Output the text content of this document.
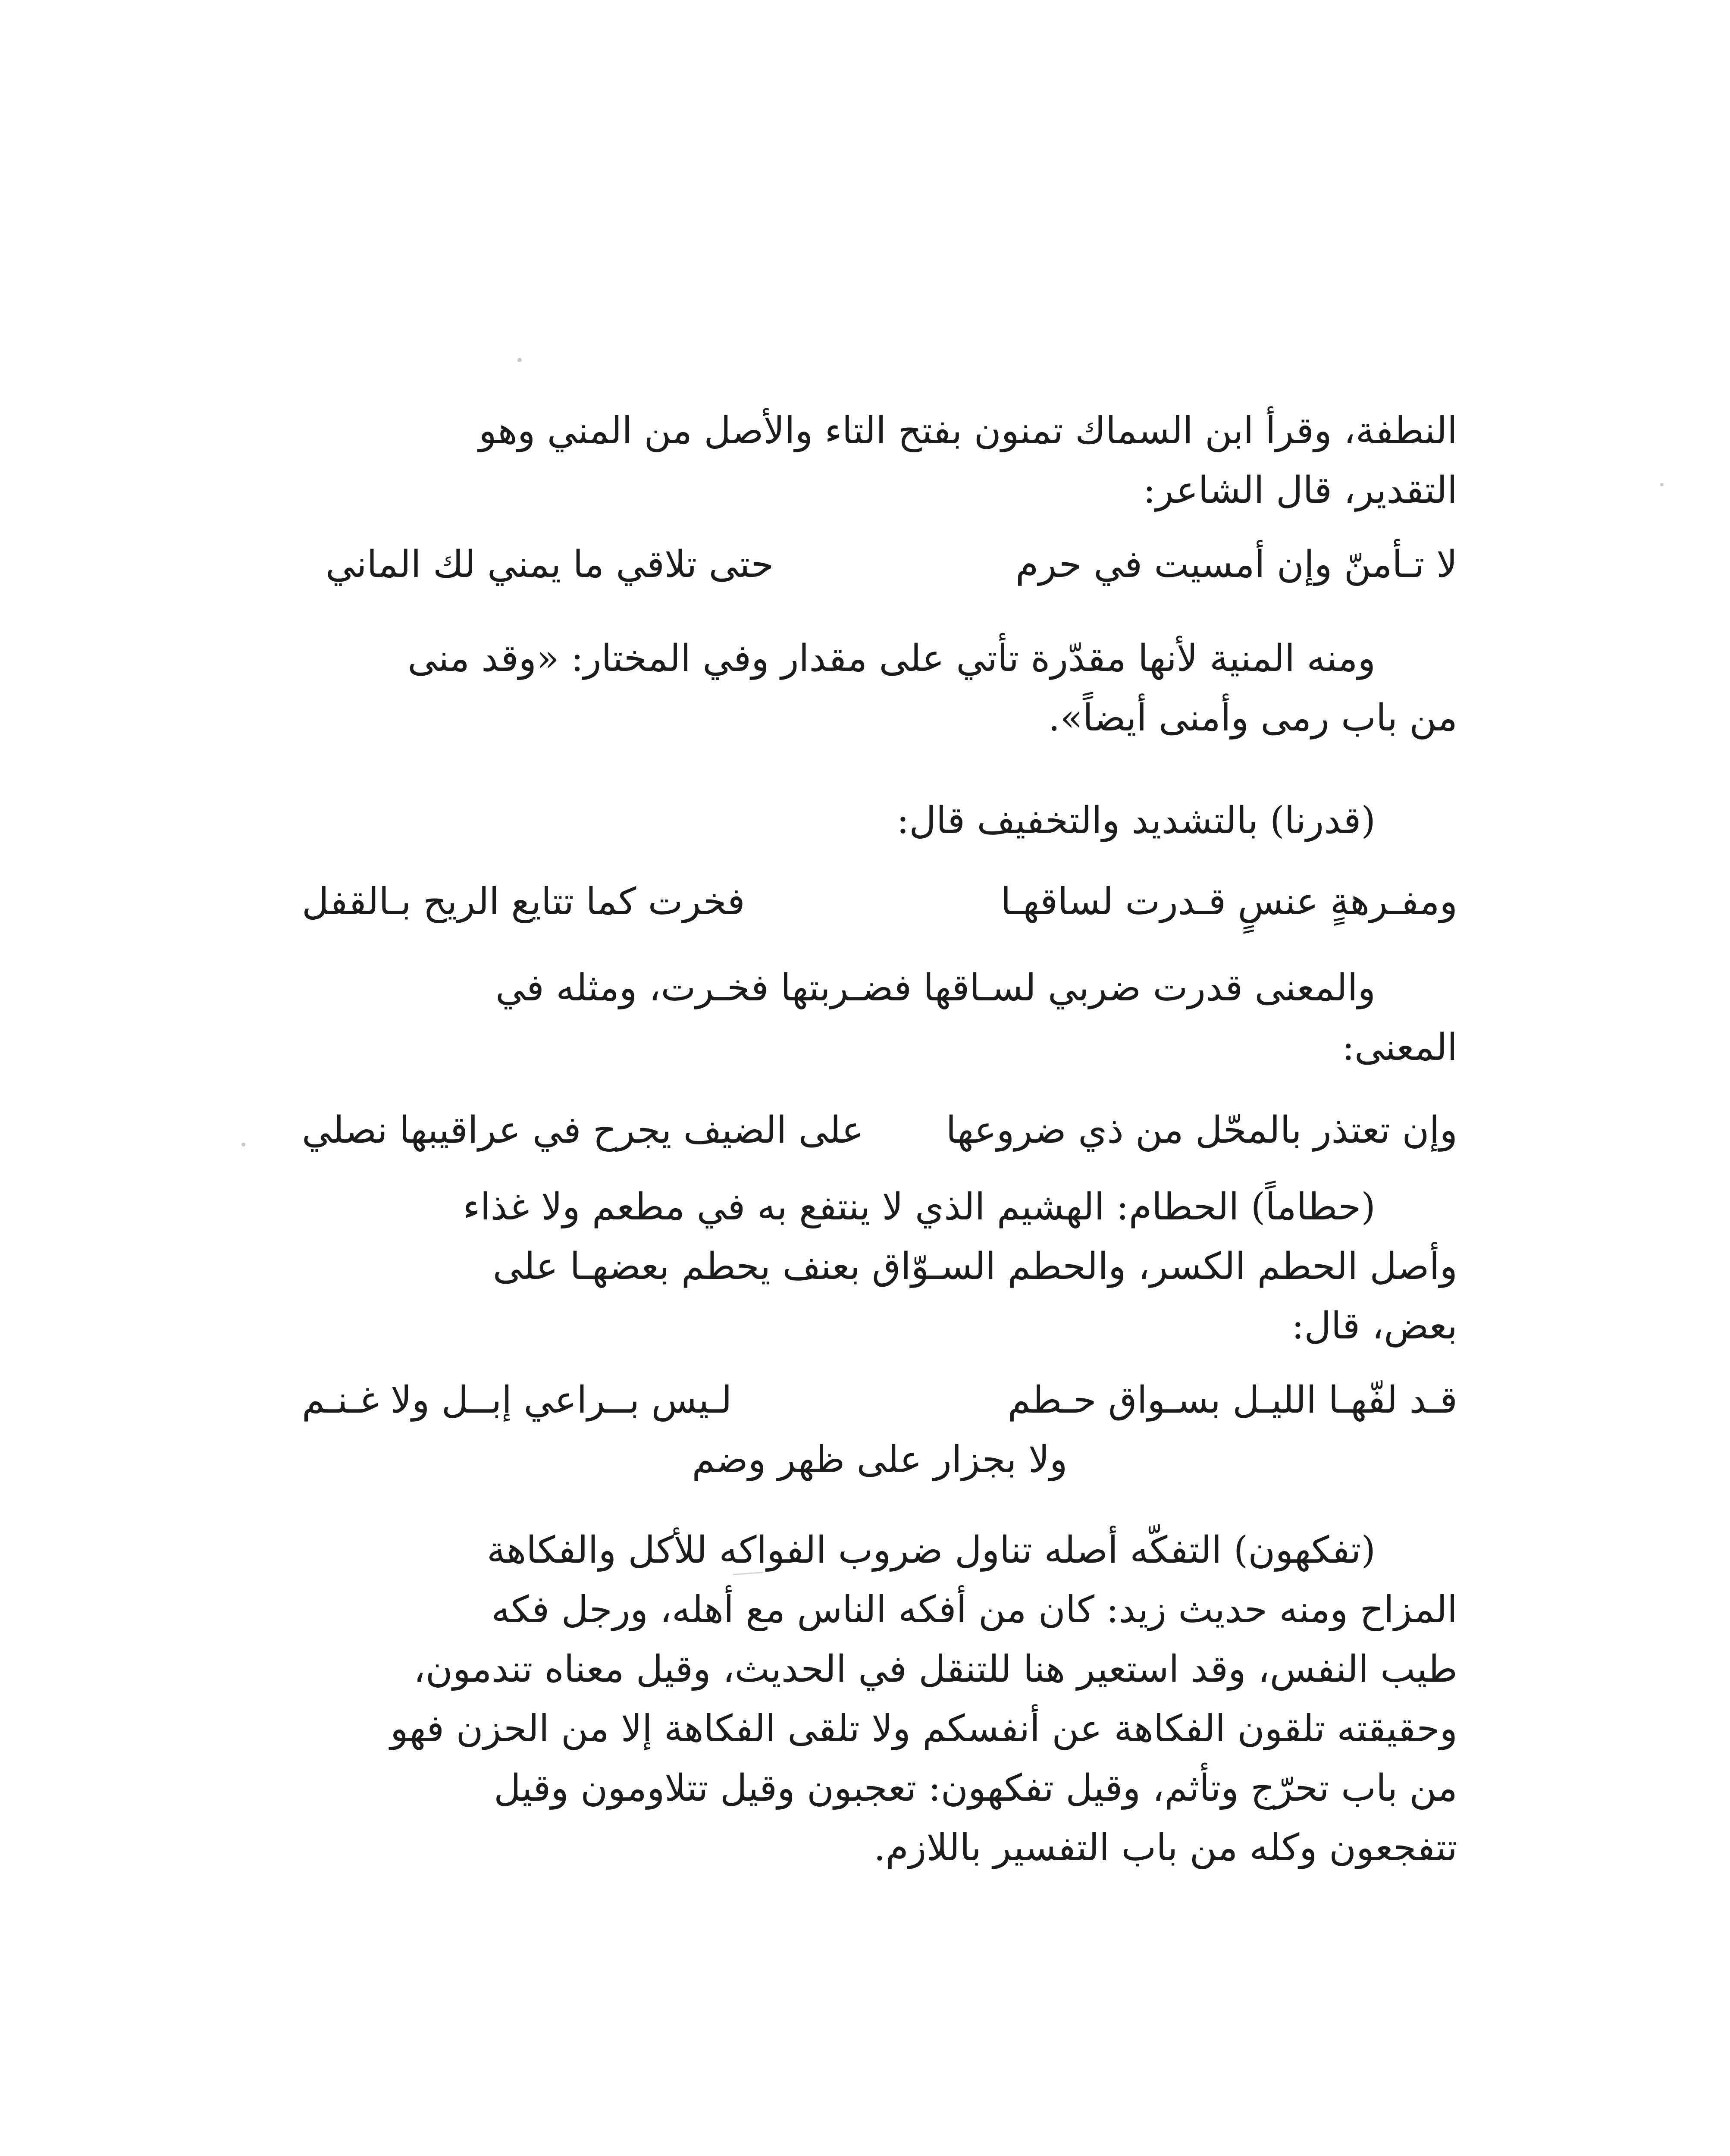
النطفة، وقرأ ابن السماك تمنون بفتح التاء والأصل من المني وهو
التقدير، قال الشاعر:

لا تـأمنّ وإن أمسيت في حرم
حتى تلاقي ما يمني لك الماني

ومنه المنية لأنها مقدّرة تأتي على مقدار وفي المختار: «وقد منى
من باب رمى وأمنى أيضاً».

(قدرنا) بالتشديد والتخفيف قال:

ومفـرهةٍ عنسٍ قـدرت لساقهـا
فخرت كما تتايع الريح بـالقفل

والمعنى قدرت ضربي لسـاقها فضـربتها فخـرت، ومثله في
المعنى:

وإن تعتذر بالمحّل من ذي ضروعها
على الضيف يجرح في عراقيبها نصلي

(حطاماً) الحطام: الهشيم الذي لا ينتفع به في مطعم ولا غذاء
وأصل الحطم الكسر، والحطم السـوّاق بعنف يحطم بعضهـا على
بعض، قال:

قـد لفّهـا الليـل بسـواق حـطم
لـيس بــراعي إبــل ولا غـنـم
ولا بجزار على ظهر وضم

(تفكهون) التفكّه أصله تناول ضروب الفواكه للأكل والفكاهة
المزاح ومنه حديث زيد: كان من أفكه الناس مع أهله، ورجل فكه
طيب النفس، وقد استعير هنا للتنقل في الحديث، وقيل معناه تندمون،
وحقيقته تلقون الفكاهة عن أنفسكم ولا تلقى الفكاهة إلا من الحزن فهو
من باب تحرّج وتأثم، وقيل تفكهون: تعجبون وقيل تتلاومون وقيل
تتفجعون وكله من باب التفسير باللازم.
